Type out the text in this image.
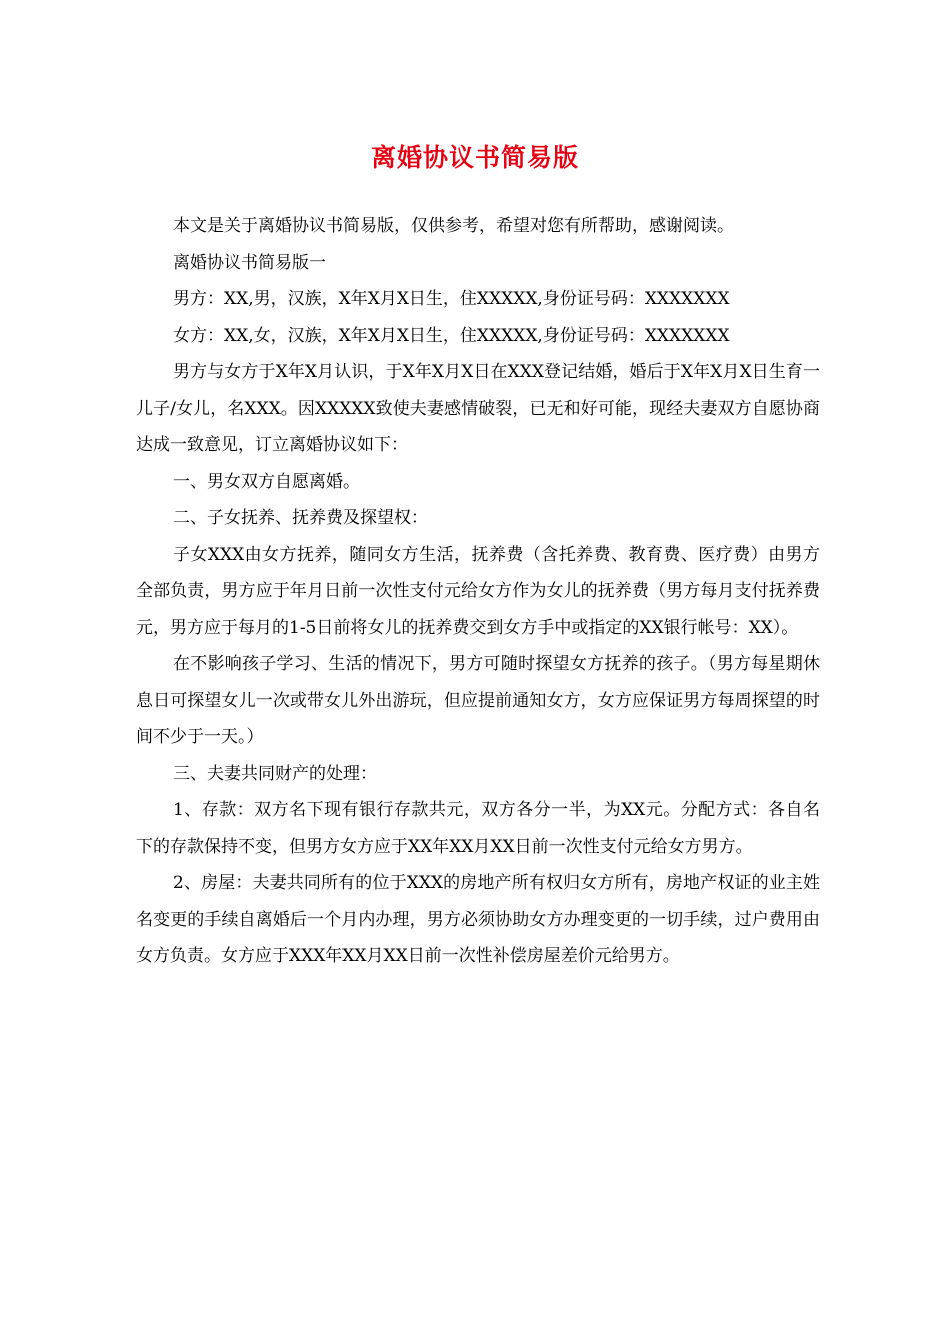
离婚协议书简易版

本文是关于离婚协议书简易版，仅供参考，希望对您有所帮助，感谢阅读。

离婚协议书简易版一

男方：XX,男，汉族，X年X月X日生，住XXXXX,身份证号码：XXXXXXX

女方：XX,女，汉族，X年X月X日生，住XXXXX,身份证号码：XXXXXXX

男方与女方于X年X月认识，于X年X月X日在XXX登记结婚，婚后于X年X月X日生育一儿子/女儿，名XXX。因XXXXX致使夫妻感情破裂，已无和好可能，现经夫妻双方自愿协商达成一致意见，订立离婚协议如下：

一、男女双方自愿离婚。

二、子女抚养、抚养费及探望权：

子女XXX由女方抚养，随同女方生活，抚养费（含托养费、教育费、医疗费）由男方全部负责，男方应于年月日前一次性支付元给女方作为女儿的抚养费（男方每月支付抚养费元，男方应于每月的1-5日前将女儿的抚养费交到女方手中或指定的XX银行帐号：XX）。

在不影响孩子学习、生活的情况下，男方可随时探望女方抚养的孩子。（男方每星期休息日可探望女儿一次或带女儿外出游玩，但应提前通知女方，女方应保证男方每周探望的时间不少于一天。）

三、夫妻共同财产的处理：

1、存款：双方名下现有银行存款共元，双方各分一半，为XX元。分配方式：各自名下的存款保持不变，但男方女方应于XX年XX月XX日前一次性支付元给女方男方。

2、房屋：夫妻共同所有的位于XXX的房地产所有权归女方所有，房地产权证的业主姓名变更的手续自离婚后一个月内办理，男方必须协助女方办理变更的一切手续，过户费用由女方负责。女方应于XXX年XX月XX日前一次性补偿房屋差价元给男方。
